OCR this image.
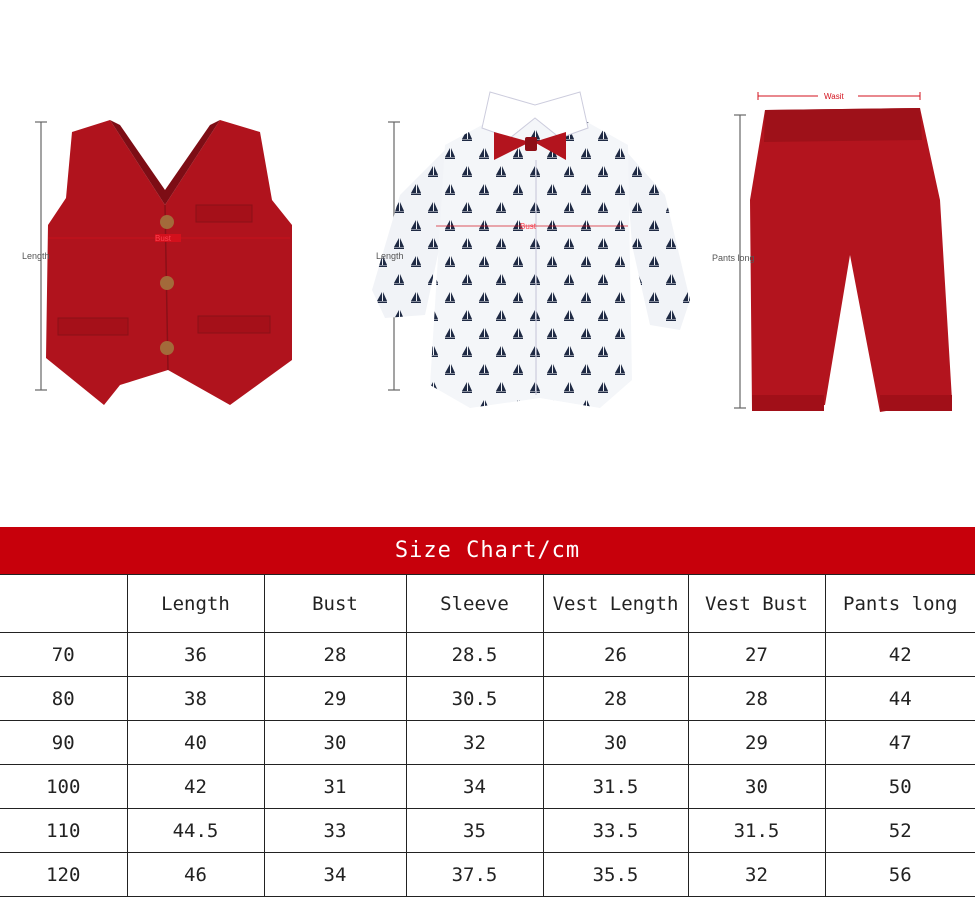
Length
Bust
Length
Bust
Wasit
Pants long
Size Chart/cm
	Length	Bust	Sleeve	Vest Length	Vest Bust	Pants long
70	36	28	28.5	26	27	42
80	38	29	30.5	28	28	44
90	40	30	32	30	29	47
100	42	31	34	31.5	30	50
110	44.5	33	35	33.5	31.5	52
120	46	34	37.5	35.5	32	56
